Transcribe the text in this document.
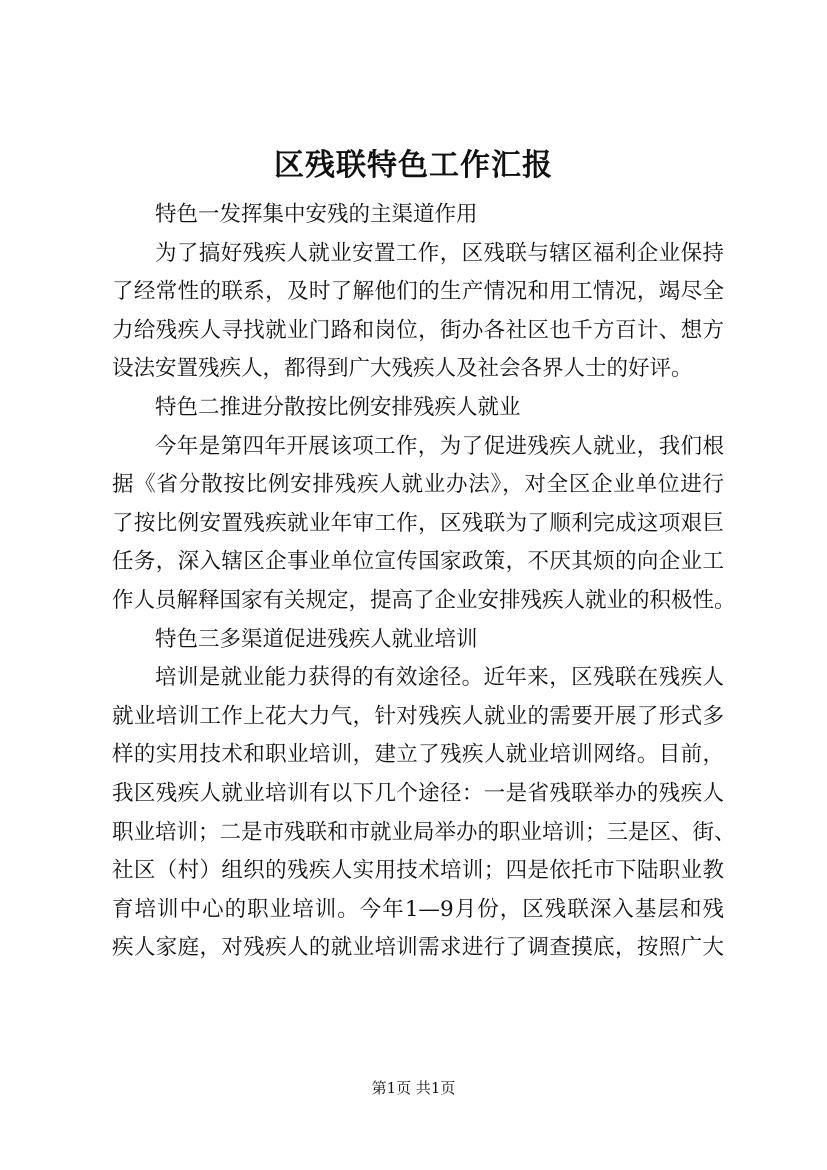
区残联特色工作汇报
特色一发挥集中安残的主渠道作用
为了搞好残疾人就业安置工作，区残联与辖区福利企业保持
了经常性的联系，及时了解他们的生产情况和用工情况，竭尽全
力给残疾人寻找就业门路和岗位，街办各社区也千方百计、想方
设法安置残疾人，都得到广大残疾人及社会各界人士的好评。
特色二推进分散按比例安排残疾人就业
今年是第四年开展该项工作，为了促进残疾人就业，我们根
据《省分散按比例安排残疾人就业办法》，对全区企业单位进行
了按比例安置残疾就业年审工作，区残联为了顺利完成这项艰巨
任务，深入辖区企事业单位宣传国家政策，不厌其烦的向企业工
作人员解释国家有关规定，提高了企业安排残疾人就业的积极性。
特色三多渠道促进残疾人就业培训
培训是就业能力获得的有效途径。近年来，区残联在残疾人
就业培训工作上花大力气，针对残疾人就业的需要开展了形式多
样的实用技术和职业培训，建立了残疾人就业培训网络。目前，
我区残疾人就业培训有以下几个途径：一是省残联举办的残疾人
职业培训；二是市残联和市就业局举办的职业培训；三是区、街、
社区（村）组织的残疾人实用技术培训；四是依托市下陆职业教
育培训中心的职业培训。今年1—9月份，区残联深入基层和残
疾人家庭，对残疾人的就业培训需求进行了调查摸底，按照广大
第1页 共1页
